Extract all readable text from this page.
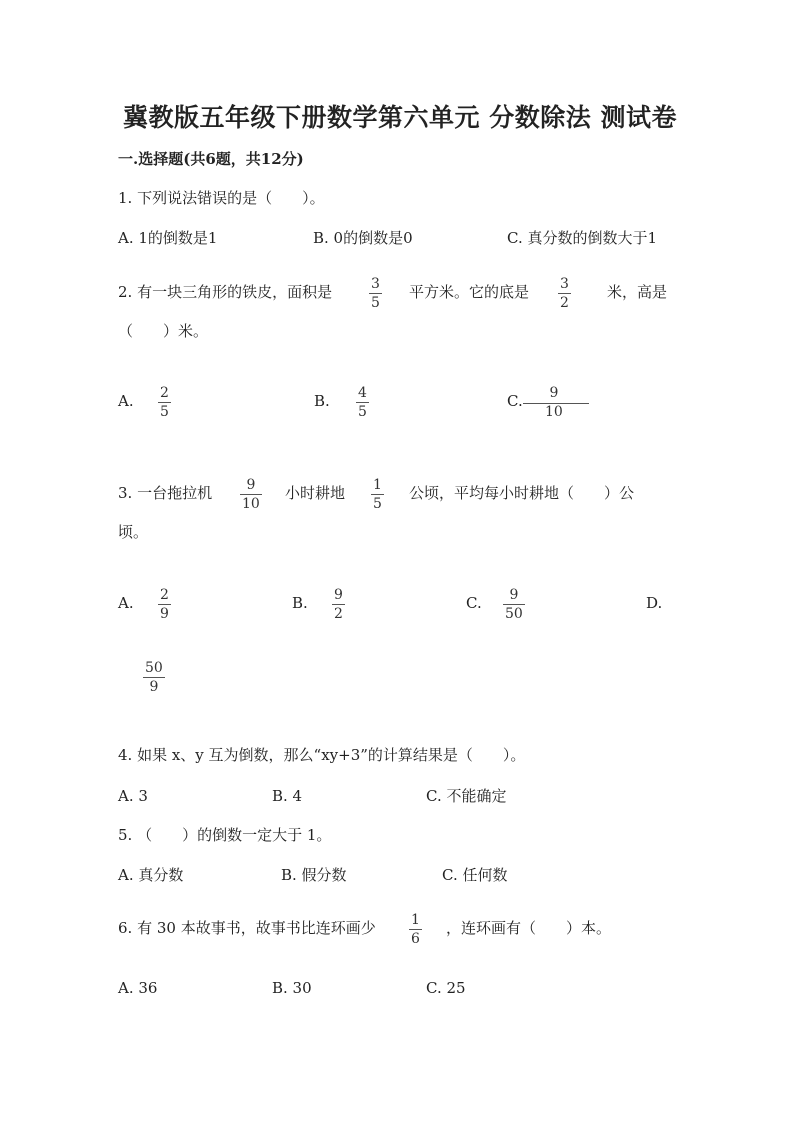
冀教版五年级下册数学第六单元 分数除法 测试卷
一.选择题(共6题，共12分)
1. 下列说法错误的是（　　）。
A. 1的倒数是1	B. 0的倒数是0	C. 真分数的倒数大于1
2. 有一块三角形的铁皮，面积是	3
5
平方米。它的底是 3
2
米，高是
（　　）米。
A. 2
5
B. 4
5
C. 9
10
3. 一台拖拉机 9
10
小时耕地 1
5
公顷，平均每小时耕地（　　）公
顷。
A. 2
9
B. 9
2
C. 9
50
D.
50
9
4. 如果 x、y 互为倒数，那么“xy+3”的计算结果是（　　）。
A. 3	B. 4	C. 不能确定
5. （　　）的倒数一定大于 1。
A. 真分数	B. 假分数	C. 任何数
6. 有 30 本故事书，故事书比连环画少	1
6
，连环画有（　　）本。
A. 36	B. 30	C. 25
